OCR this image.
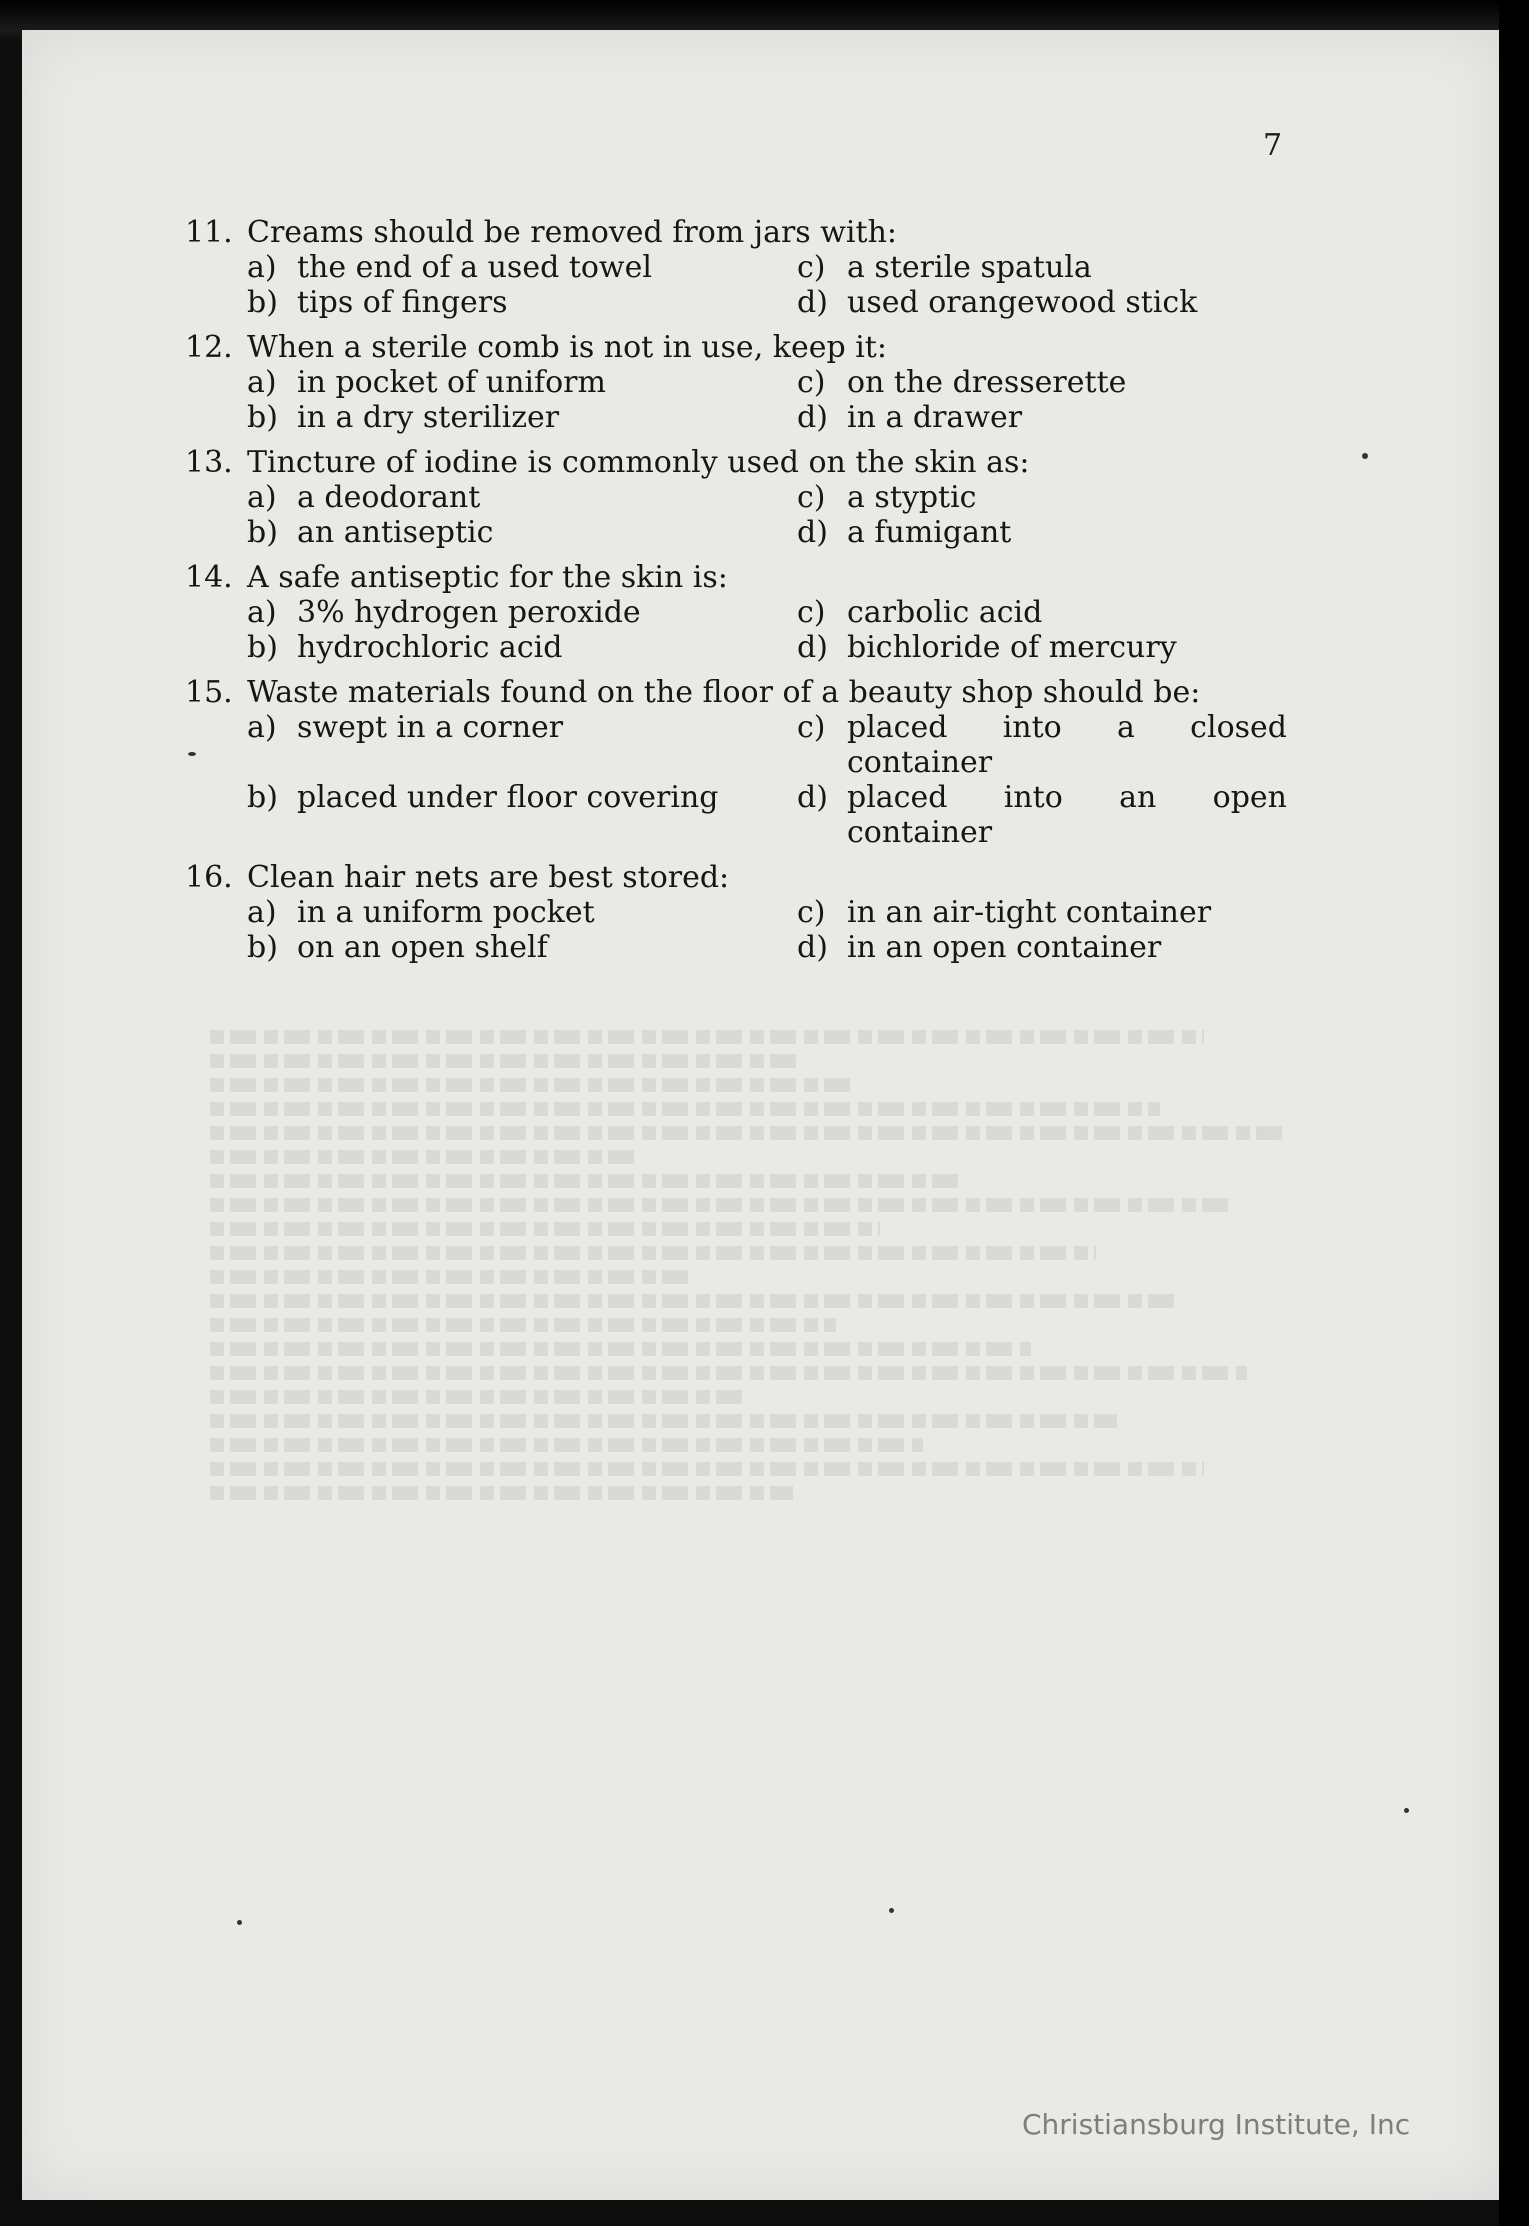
7
11. Creams should be removed from jars with:
a) the end of a used towel	c) a sterile spatula
b) tips of fingers	d) used orangewood stick
12. When a sterile comb is not in use, keep it:
a) in pocket of uniform	c) on the dresserette
b) in a dry sterilizer	d) in a drawer
13. Tincture of iodine is commonly used on the skin as:
a) a deodorant	c) a styptic
b) an antiseptic	d) a fumigant
14. A safe antiseptic for the skin is:
a) 3% hydrogen peroxide	c) carbolic acid
b) hydrochloric acid	d) bichloride of mercury
15. Waste materials found on the floor of a beauty shop should be:
a) swept in a corner	c) placed into a closed container
b) placed under floor covering	d) placed into an open container
16. Clean hair nets are best stored:
a) in a uniform pocket	c) in an air-tight container
b) on an open shelf	d) in an open container
Christiansburg Institute, Inc
